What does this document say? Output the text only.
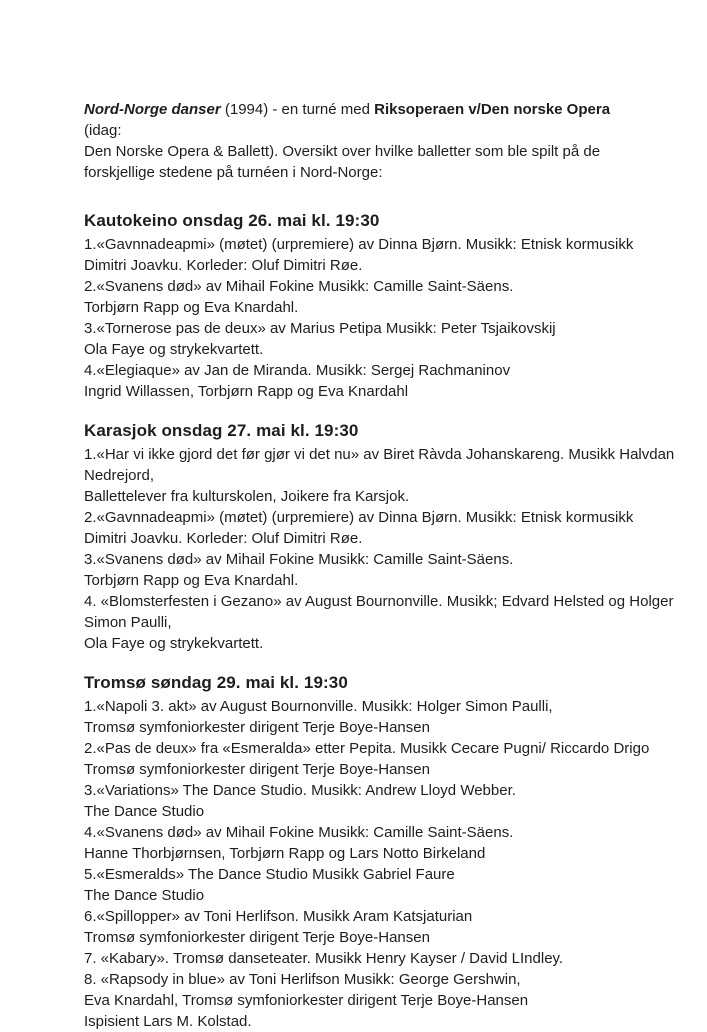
Nord-Norge danser (1994) - en turné med Riksoperaen v/Den norske Opera (idag:
Den Norske Opera & Ballett). Oversikt over hvilke balletter som ble spilt på de
forskjellige stedene på turnéen i Nord-Norge:

Kautokeino onsdag 26. mai kl. 19:30
1.«Gavnnadeapmi» (møtet) (urpremiere) av Dinna Bjørn. Musikk: Etnisk kormusikk
Dimitri Joavku. Korleder: Oluf Dimitri Røe.
2.«Svanens død» av Mihail Fokine Musikk: Camille Saint-Säens.
Torbjørn Rapp og Eva Knardahl.
3.«Tornerose pas de deux» av Marius Petipa Musikk: Peter Tsjaikovskij
Ola Faye og strykekvartett.
4.«Elegiaque» av Jan de Miranda. Musikk: Sergej Rachmaninov
Ingrid Willassen, Torbjørn Rapp og Eva Knardahl
Karasjok onsdag 27. mai kl. 19:30
1.«Har vi ikke gjord det før gjør vi det nu» av Biret Ràvda Johanskareng. Musikk Halvdan
Nedrejord,
Ballettelever fra kulturskolen, Joikere fra Karsjok.
2.«Gavnnadeapmi» (møtet) (urpremiere) av Dinna Bjørn. Musikk: Etnisk kormusikk
Dimitri Joavku. Korleder: Oluf Dimitri Røe.
3.«Svanens død» av Mihail Fokine Musikk: Camille Saint-Säens.
Torbjørn Rapp og Eva Knardahl.
4. «Blomsterfesten i Gezano» av August Bournonville. Musikk; Edvard Helsted og Holger
Simon Paulli,
Ola Faye og strykekvartett.
Tromsø søndag 29. mai kl. 19:30
1.«Napoli 3. akt» av August Bournonville. Musikk: Holger Simon Paulli,
Tromsø symfoniorkester dirigent Terje Boye-Hansen
2.«Pas de deux» fra «Esmeralda» etter Pepita. Musikk Cecare Pugni/ Riccardo Drigo
Tromsø symfoniorkester dirigent Terje Boye-Hansen
3.«Variations» The Dance Studio. Musikk: Andrew Lloyd Webber.
The Dance Studio
4.«Svanens død» av Mihail Fokine Musikk: Camille Saint-Säens.
Hanne Thorbjørnsen, Torbjørn Rapp og Lars Notto Birkeland
5.«Esmeralds» The Dance Studio Musikk Gabriel Faure
The Dance Studio
6.«Spillopper» av Toni Herlifson. Musikk Aram Katsjaturian
Tromsø symfoniorkester dirigent Terje Boye-Hansen
7. «Kabary». Tromsø danseteater. Musikk Henry Kayser / David LIndley.
8. «Rapsody in blue» av Toni Herlifson Musikk: George Gershwin,
Eva Knardahl, Tromsø symfoniorkester dirigent Terje Boye-Hansen
Ispisient Lars M. Kolstad.
